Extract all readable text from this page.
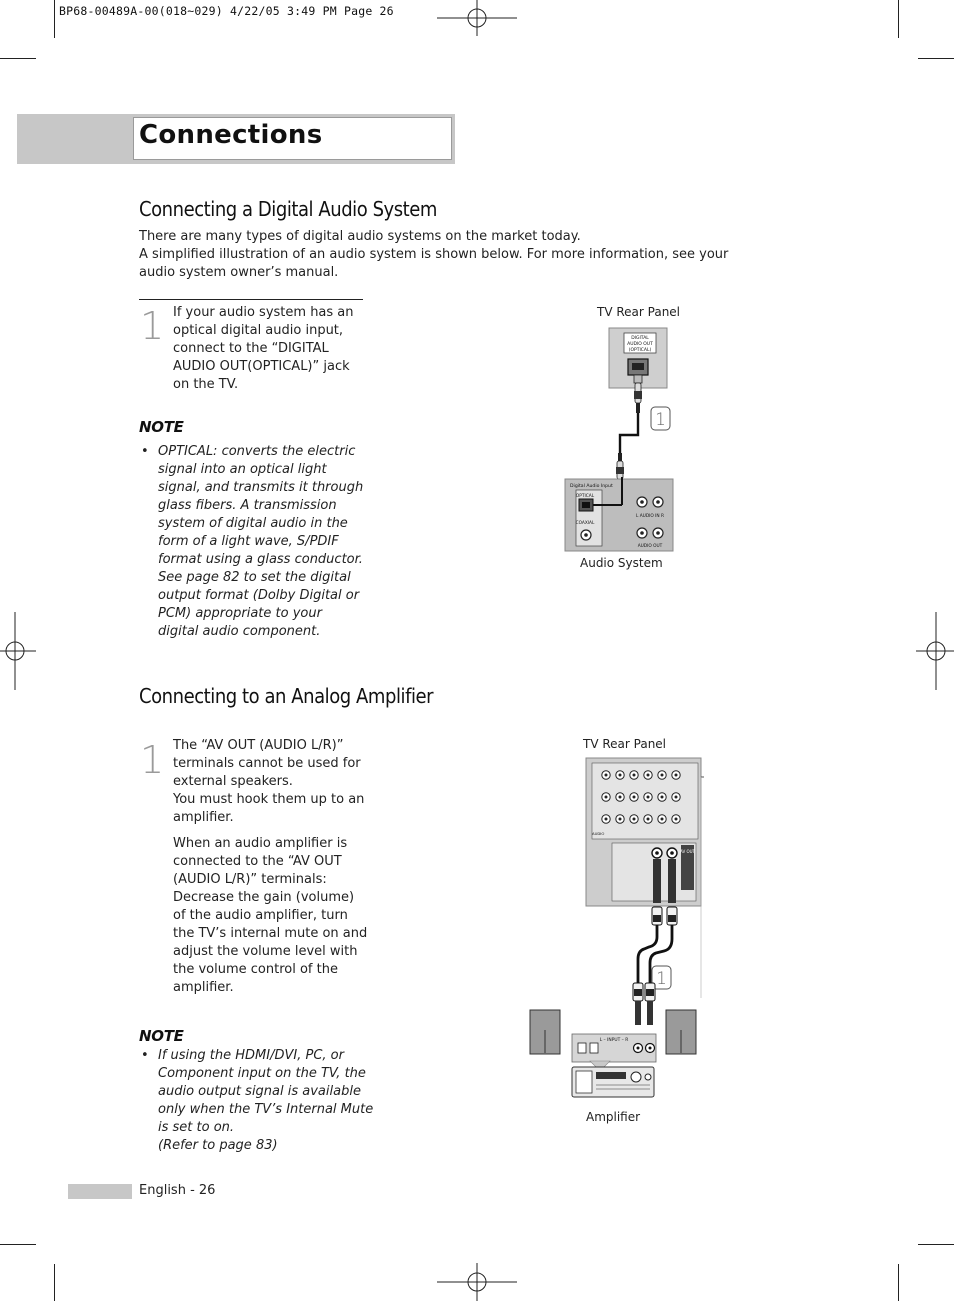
BP68-00489A-00(018~029) 4/22/05 3:49 PM Page 26
Connections
Connecting a Digital Audio System

There are many types of digital audio systems on the market today.

A simplified illustration of an audio system is shown below. For more information, see your audio system owner’s manual.

1 If your audio system has an

optical digital audio input,

connect to the “DIGITAL

AUDIO OUT(OPTICAL)” jack

on the TV.

NOTE
• OPTICAL: converts the electric
signal into an optical light
signal, and transmits it through
glass fibers. A transmission
system of digital audio in the
form of a light wave, S/PDIF
format using a glass conductor.
See page 82 to set the digital
output format (Dolby Digital or
PCM) appropriate to your
digital audio component.
TV Rear Panel
Audio System
DIGITAL
AUDIO OUT
(OPTICAL)
1
Digital Audio Input
OPTICAL
COAXIAL
L AUDIO IN R
AUDIO OUT
Connecting to an Analog Amplifier
1 The “AV OUT (AUDIO L/R)”

terminals cannot be used for

external speakers.

You must hook them up to an

amplifier.

When an audio amplifier is

connected to the “AV OUT

(AUDIO L/R)” terminals:

Decrease the gain (volume)

of the audio amplifier, turn

the TV’s internal mute on and

adjust the volume level with

the volume control of the

amplifier.

NOTE
• If using the HDMI/DVI, PC, or
Component input on the TV, the
audio output signal is available
only when the TV’s Internal Mute
is set to on.
(Refer to page 83)
TV Rear Panel
Amplifier
AV OUT
AUDIO
1
L – INPUT – R
English - 26
